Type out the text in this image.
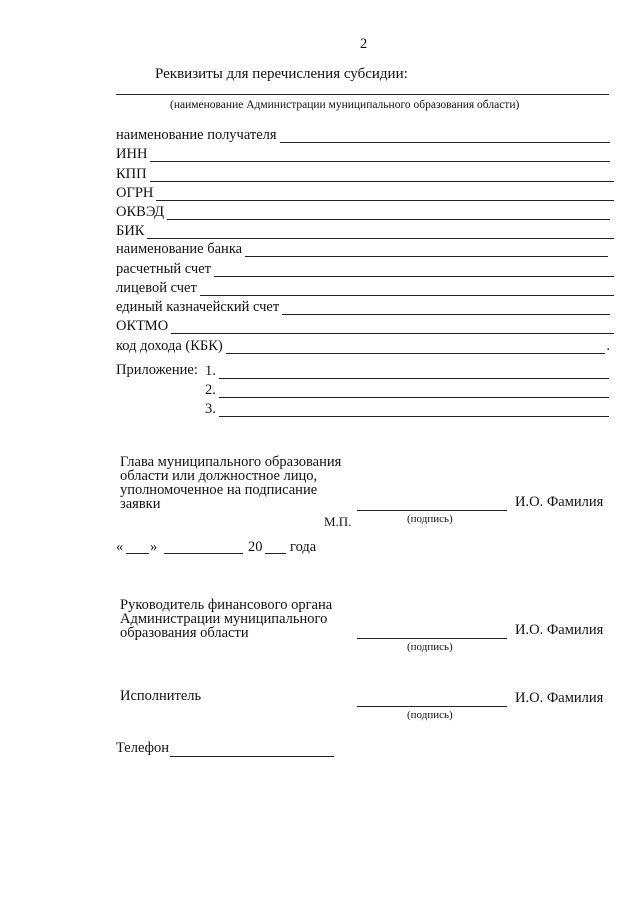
2
Реквизиты для перечисления субсидии:
(наименование Администрации муниципального образования области)
наименование получателя
ИНН
КПП
ОГРН
ОКВЭД
БИК
наименование банка
расчетный счет
лицевой счет
единый казначейский счет
ОКТМО
код дохода (КБК)	.
Приложение: 1.
2.
3.
Глава муниципального образования
области или должностное лицо,
уполномоченное на подписание
заявки	И.О. Фамилия
(подпись)
М.П.
« »	20 года
Руководитель финансового органа
Администрации муниципального
образования области	И.О. Фамилия
(подпись)
Исполнитель	И.О. Фамилия
(подпись)
Телефон
